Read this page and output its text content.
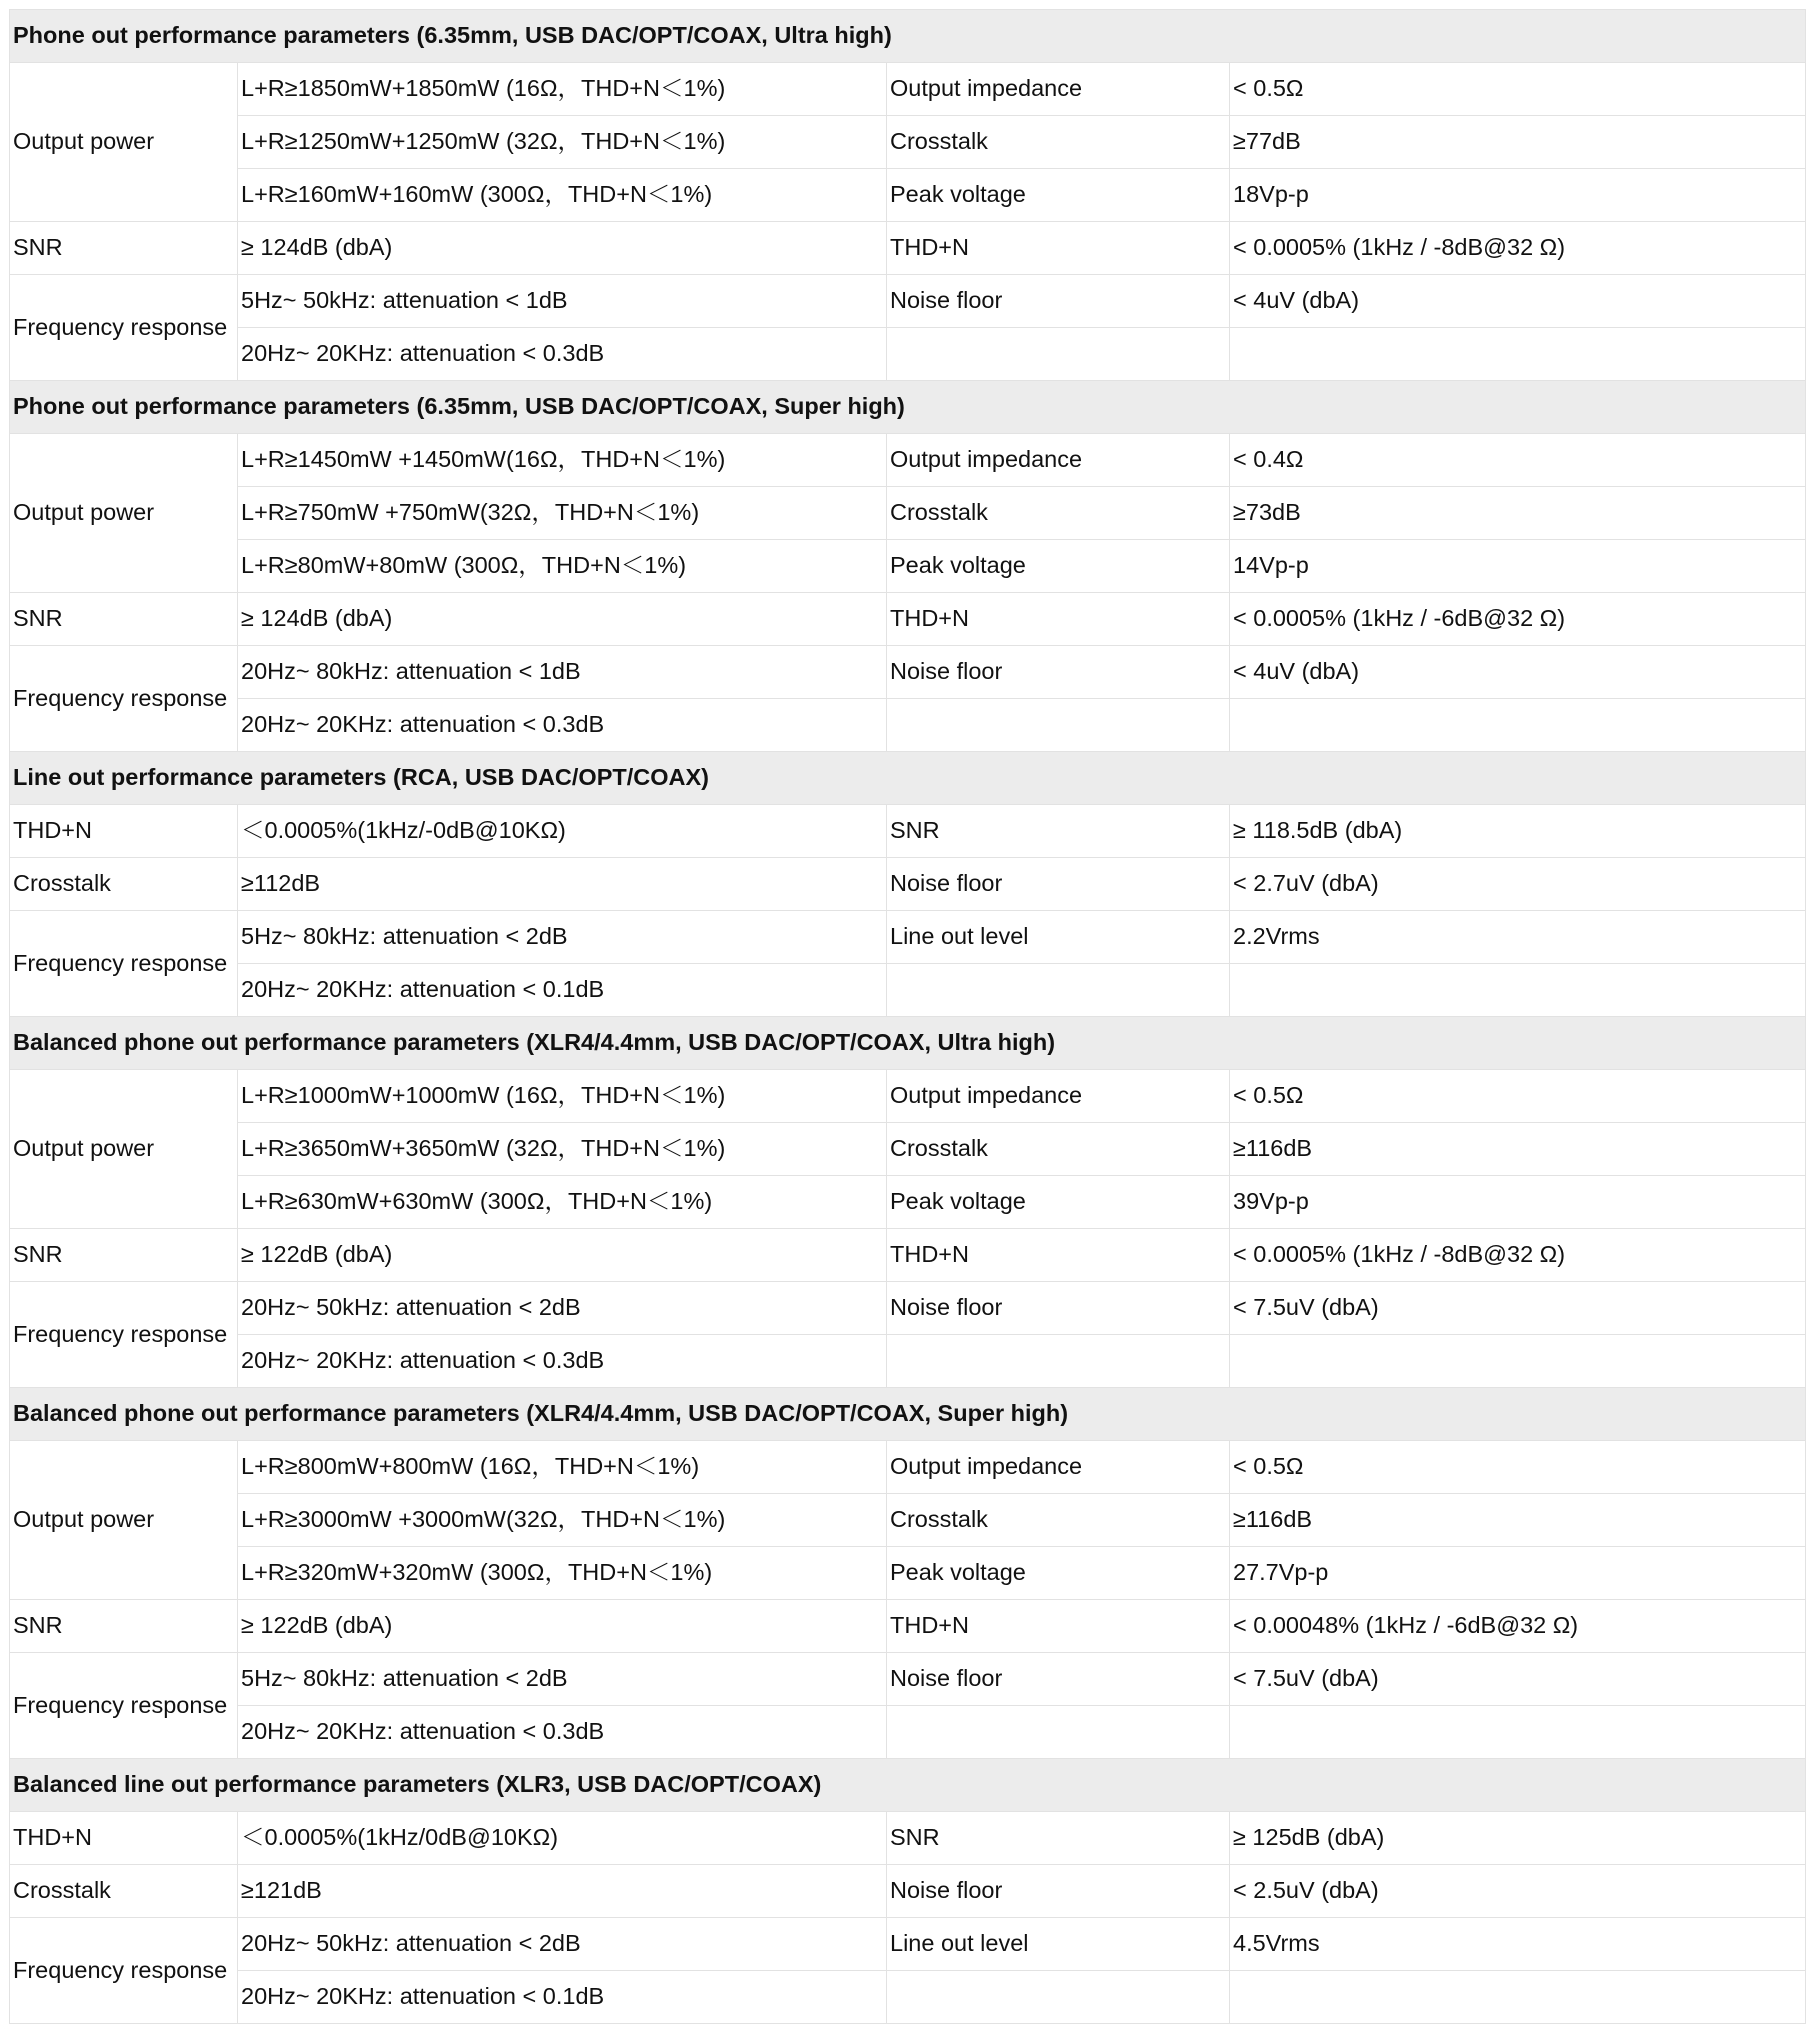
Phone out performance parameters (6.35mm, USB DAC/OPT/COAX, Ultra high)			
Output power	L+R≥1850mW+1850mW (16Ω，THD+N＜1%)	Output impedance	< 0.5Ω
	L+R≥1250mW+1250mW (32Ω，THD+N＜1%)	Crosstalk	≥77dB
	L+R≥160mW+160mW (300Ω，THD+N＜1%)	Peak voltage	18Vp-p
SNR	≥ 124dB (dbA)	THD+N	< 0.0005% (1kHz / -8dB@32 Ω)
Frequency response	5Hz~ 50kHz: attenuation < 1dB	Noise floor	< 4uV (dbA)
	20Hz~ 20KHz: attenuation < 0.3dB		
Phone out performance parameters (6.35mm, USB DAC/OPT/COAX, Super high)			
Output power	L+R≥1450mW +1450mW(16Ω，THD+N＜1%)	Output impedance	< 0.4Ω
	L+R≥750mW +750mW(32Ω，THD+N＜1%)	Crosstalk	≥73dB
	L+R≥80mW+80mW (300Ω，THD+N＜1%)	Peak voltage	14Vp-p
SNR	≥ 124dB (dbA)	THD+N	< 0.0005% (1kHz / -6dB@32 Ω)
Frequency response	20Hz~ 80kHz: attenuation < 1dB	Noise floor	< 4uV (dbA)
	20Hz~ 20KHz: attenuation < 0.3dB		
Line out performance parameters (RCA, USB DAC/OPT/COAX)			
THD+N	＜0.0005%(1kHz/-0dB@10KΩ)	SNR	≥ 118.5dB (dbA)
Crosstalk	≥112dB	Noise floor	< 2.7uV (dbA)
Frequency response	5Hz~ 80kHz: attenuation < 2dB	Line out level	2.2Vrms
	20Hz~ 20KHz: attenuation < 0.1dB		
Balanced phone out performance parameters (XLR4/4.4mm, USB DAC/OPT/COAX, Ultra high)			
Output power	L+R≥1000mW+1000mW (16Ω，THD+N＜1%)	Output impedance	< 0.5Ω
	L+R≥3650mW+3650mW (32Ω，THD+N＜1%)	Crosstalk	≥116dB
	L+R≥630mW+630mW (300Ω，THD+N＜1%)	Peak voltage	39Vp-p
SNR	≥ 122dB (dbA)	THD+N	< 0.0005% (1kHz / -8dB@32 Ω)
Frequency response	20Hz~ 50kHz: attenuation < 2dB	Noise floor	< 7.5uV (dbA)
	20Hz~ 20KHz: attenuation < 0.3dB		
Balanced phone out performance parameters (XLR4/4.4mm, USB DAC/OPT/COAX, Super high)			
Output power	L+R≥800mW+800mW (16Ω，THD+N＜1%)	Output impedance	< 0.5Ω
	L+R≥3000mW +3000mW(32Ω，THD+N＜1%)	Crosstalk	≥116dB
	L+R≥320mW+320mW (300Ω，THD+N＜1%)	Peak voltage	27.7Vp-p
SNR	≥ 122dB (dbA)	THD+N	< 0.00048% (1kHz / -6dB@32 Ω)
Frequency response	5Hz~ 80kHz: attenuation < 2dB	Noise floor	< 7.5uV (dbA)
	20Hz~ 20KHz: attenuation < 0.3dB		
Balanced line out performance parameters (XLR3, USB DAC/OPT/COAX)			
THD+N	＜0.0005%(1kHz/0dB@10KΩ)	SNR	≥ 125dB (dbA)
Crosstalk	≥121dB	Noise floor	< 2.5uV (dbA)
Frequency response	20Hz~ 50kHz: attenuation < 2dB	Line out level	4.5Vrms
	20Hz~ 20KHz: attenuation < 0.1dB		
